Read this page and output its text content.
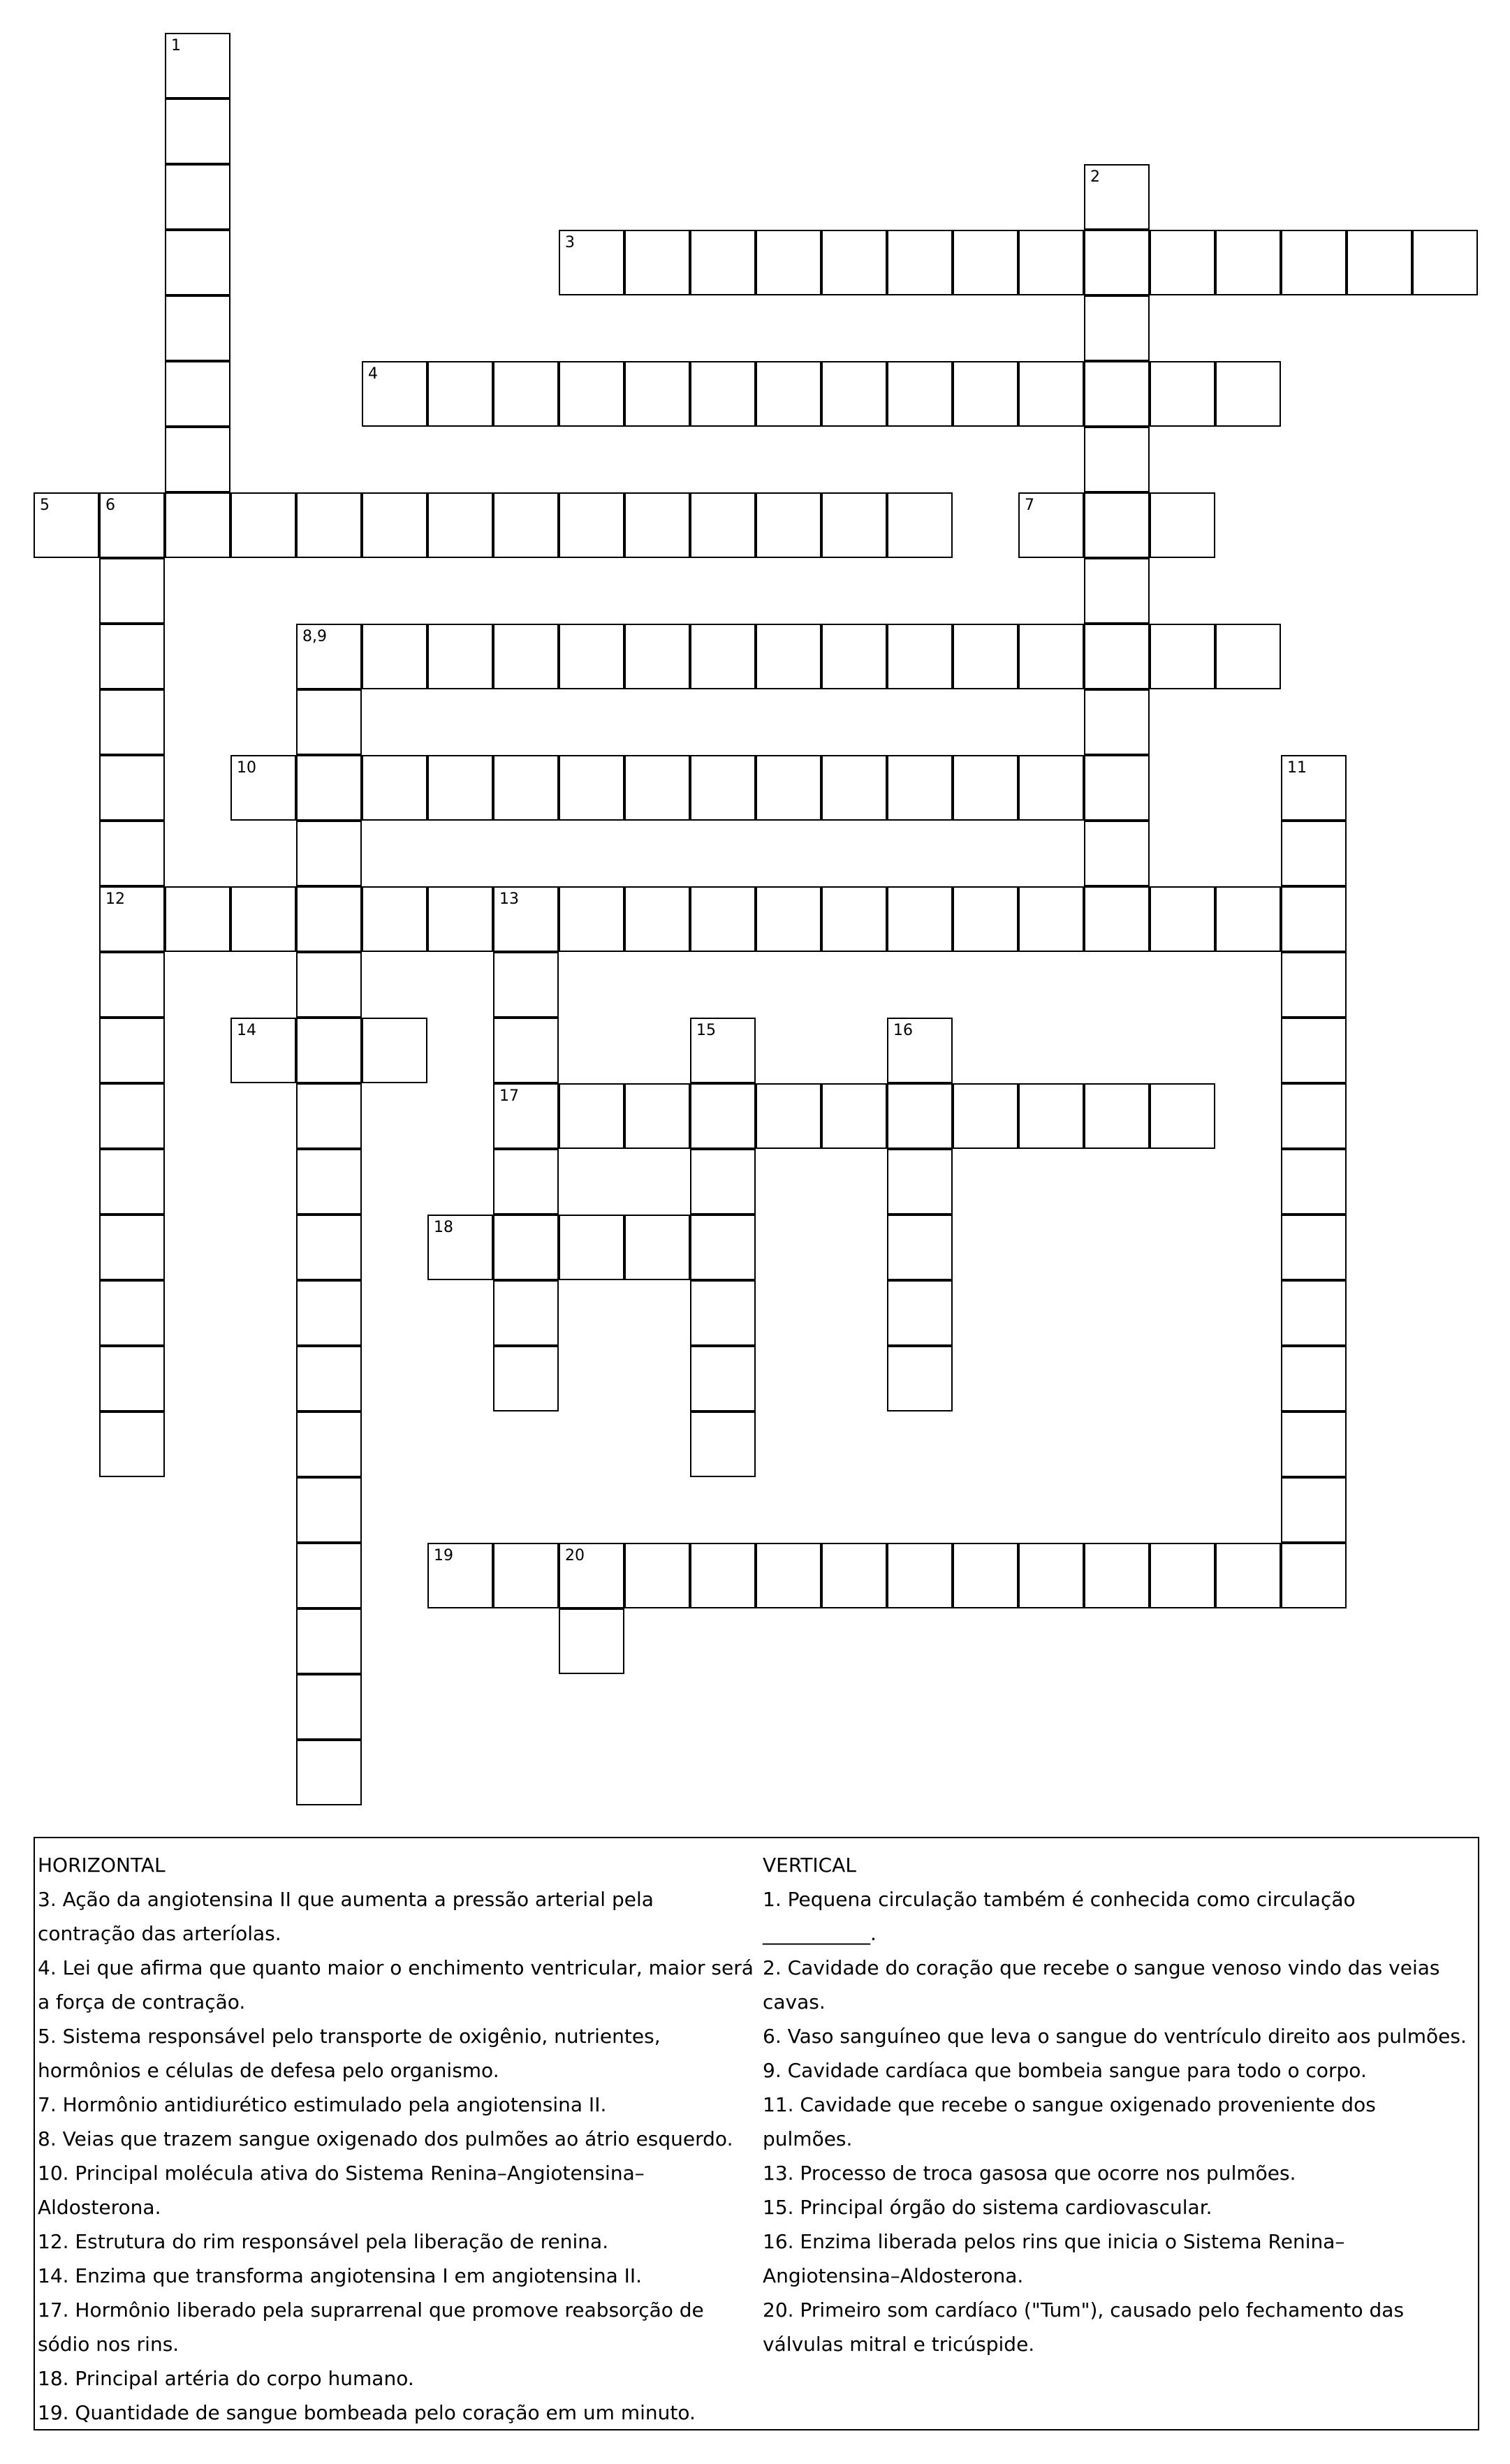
1
2
3
4
5	6
12
7
8,9
10	11
13
17
14	15	16
18
19	20
HORIZONTAL
3. Ação da angiotensina II que aumenta a pressão arterial pela contração das arteríolas.
4. Lei que afirma que quanto maior o enchimento ventricular, maior será a força de contração.
5. Sistema responsável pelo transporte de oxigênio, nutrientes, hormônios e células de defesa pelo organismo.
7. Hormônio antidiurético estimulado pela angiotensina II.
8. Veias que trazem sangue oxigenado dos pulmões ao átrio esquerdo.
10. Principal molécula ativa do Sistema Renina–Angiotensina–Aldosterona.
12. Estrutura do rim responsável pela liberação de renina.
14. Enzima que transforma angiotensina I em angiotensina II.
17. Hormônio liberado pela suprarrenal que promove reabsorção de sódio nos rins.
18. Principal artéria do corpo humano.
19. Quantidade de sangue bombeada pelo coração em um minuto.
VERTICAL
1. Pequena circulação também é conhecida como circulação ___________.
2. Cavidade do coração que recebe o sangue venoso vindo das veias cavas.
6. Vaso sanguíneo que leva o sangue do ventrículo direito aos pulmões.
9. Cavidade cardíaca que bombeia sangue para todo o corpo.
11. Cavidade que recebe o sangue oxigenado proveniente dos pulmões.
13. Processo de troca gasosa que ocorre nos pulmões.
15. Principal órgão do sistema cardiovascular.
16. Enzima liberada pelos rins que inicia o Sistema Renina–Angiotensina–Aldosterona.
20. Primeiro som cardíaco ("Tum"), causado pelo fechamento das válvulas mitral e tricúspide.
